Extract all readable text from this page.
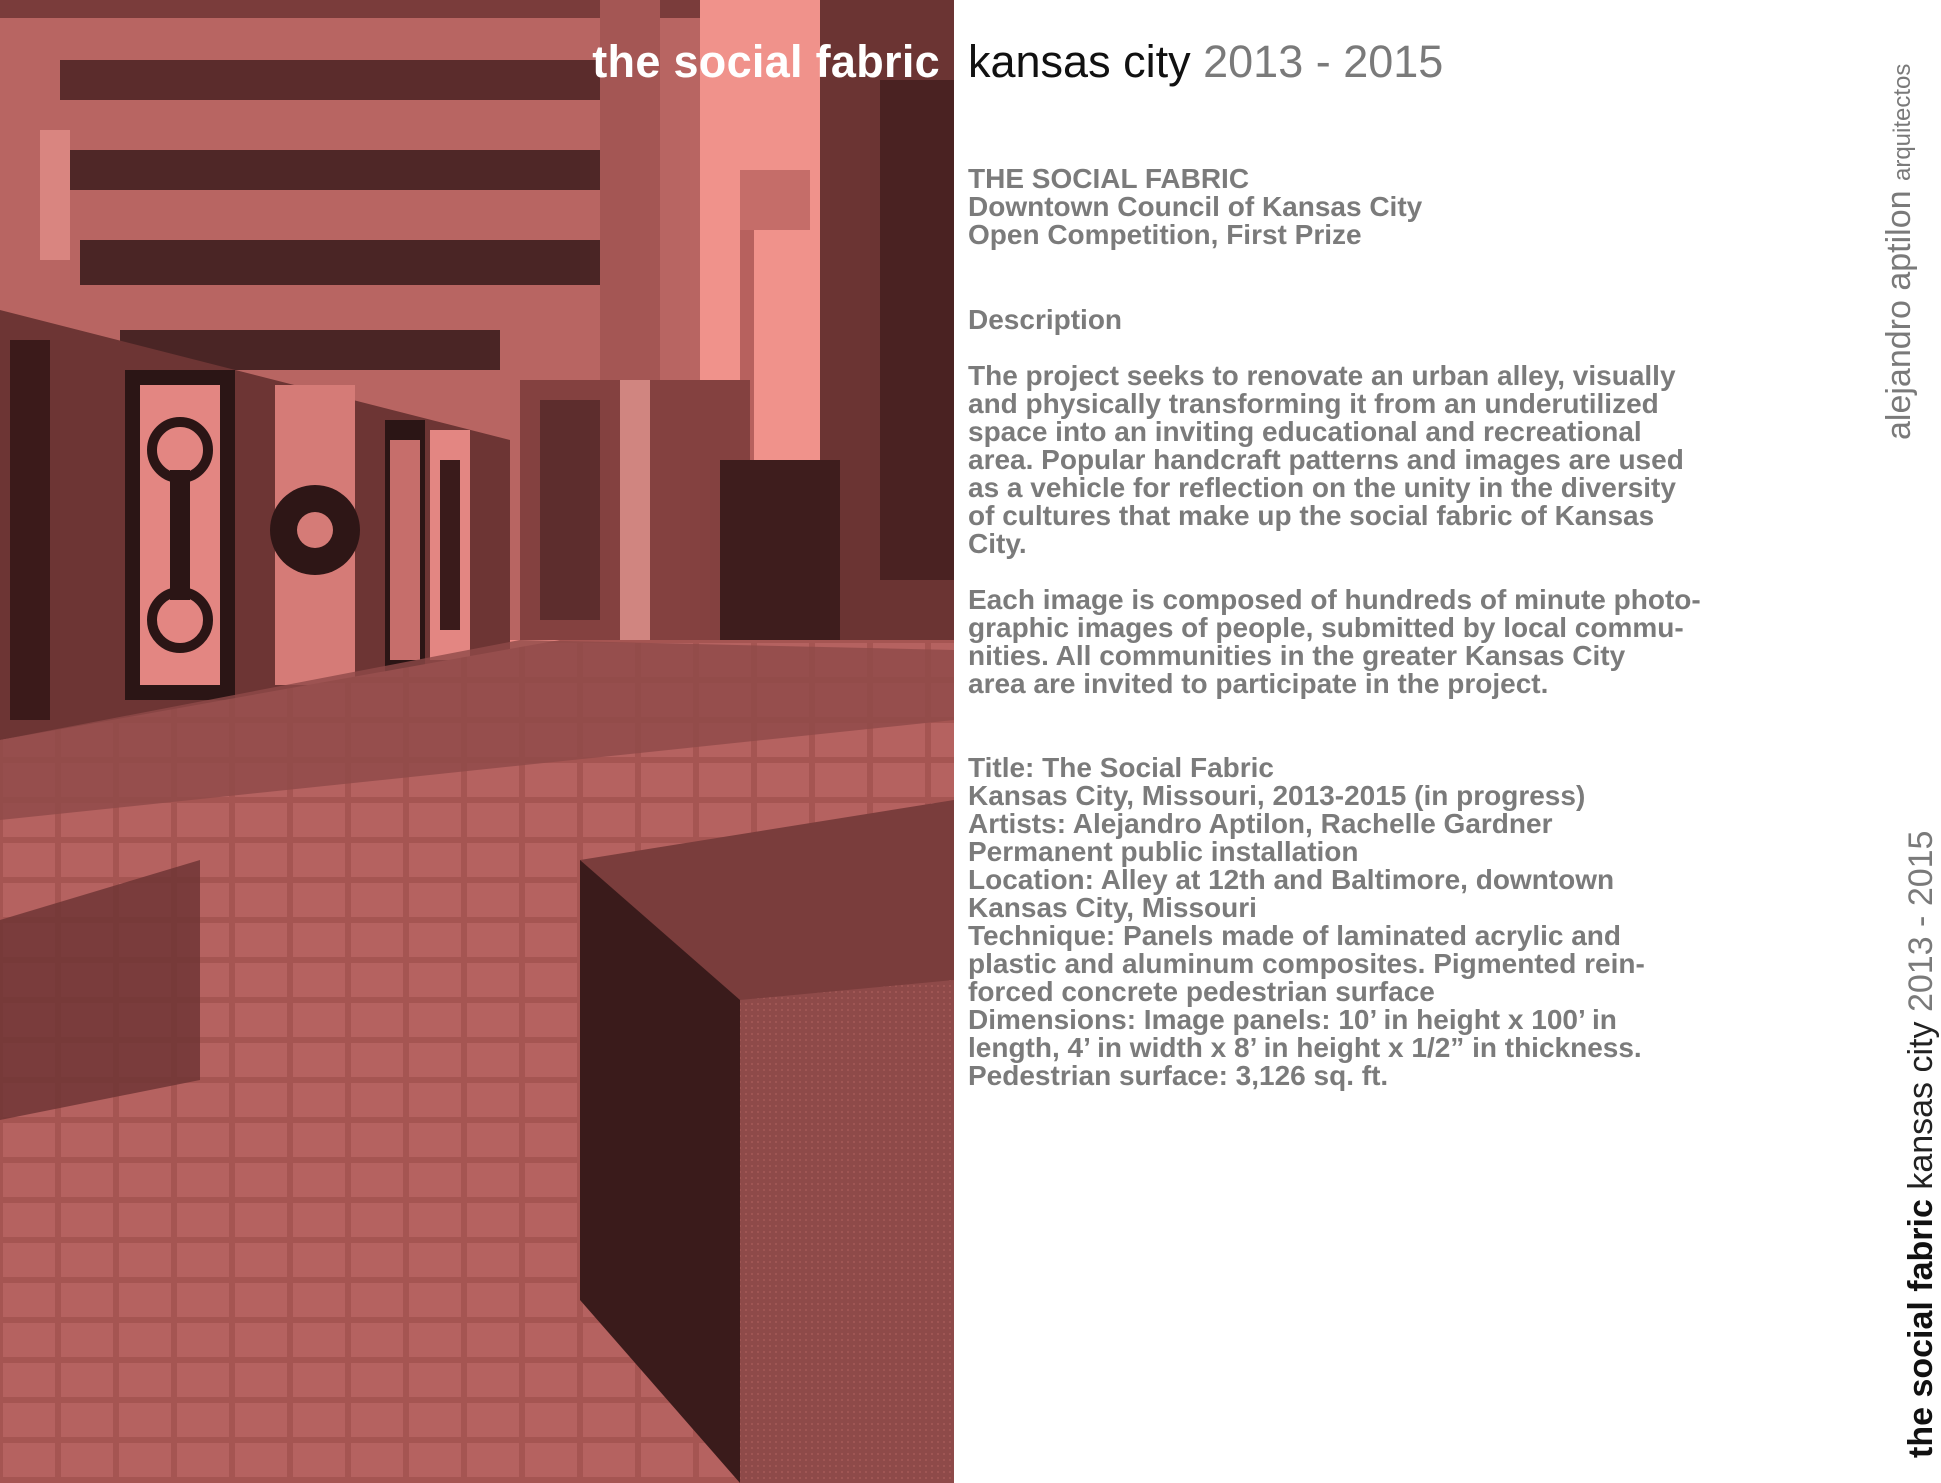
the social fabric kansas city 2013 - 2015
THE SOCIAL FABRIC
Downtown Council of Kansas City
Open Competition, First Prize
Description
The project seeks to renovate an urban alley, visually
and physically transforming it from an underutilized
space into an inviting educational and recreational
area. Popular handcraft patterns and images are used
as a vehicle for reflection on the unity in the diversity
of cultures that make up the social fabric of Kansas
City.
Each image is composed of hundreds of minute photo-
graphic images of people, submitted by local commu-
nities. All communities in the greater Kansas City
area are invited to participate in the project.
Title: The Social Fabric
Kansas City, Missouri, 2013-2015 (in progress)
Artists: Alejandro Aptilon, Rachelle Gardner
Permanent public installation
Location: Alley at 12th and Baltimore, downtown
Kansas City, Missouri
Technique: Panels made of laminated acrylic and
plastic and aluminum composites. Pigmented rein-
forced concrete pedestrian surface
Dimensions: Image panels: 10’ in height x 100’ in
length, 4’ in width x 8’ in height x 1/2” in thickness.
Pedestrian surface: 3,126 sq. ft.
alejandro aptilon arquitectos
the social fabric kansas city 2013 - 2015
